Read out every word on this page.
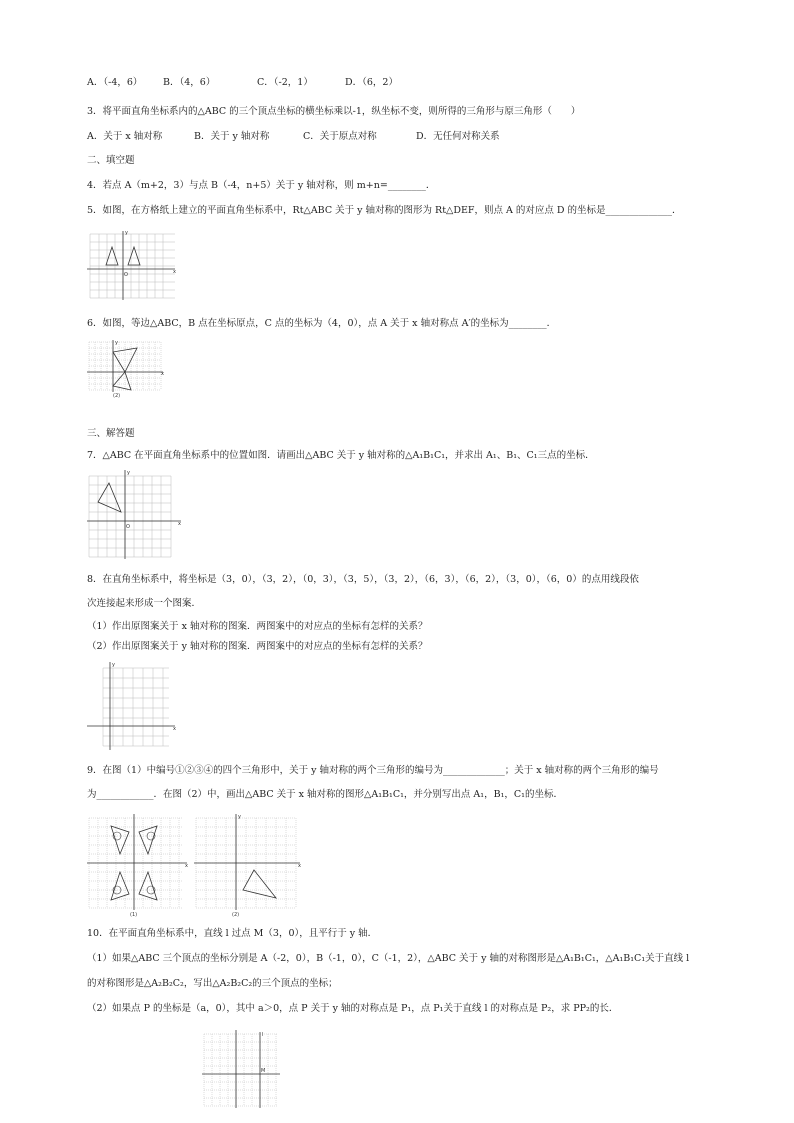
A．（-4，6） B．（4，6）	C．（-2，1）	D．（6，2）
3．将平面直角坐标系内的△ABC 的三个顶点坐标的横坐标乘以-1，纵坐标不变，则所得的三角形与原三角形（　　）
A．关于 x 轴对称	B．关于 y 轴对称	C．关于原点对称	D．无任何对称关系
二、填空题
4．若点 A（m+2，3）与点 B（-4，n+5）关于 y 轴对称，则 m+n=________．
5．如图，在方格纸上建立的平面直角坐标系中，Rt△ABC 关于 y 轴对称的图形为 Rt△DEF，则点 A 的对应点 D 的坐标是______________．
x
y
O
6．如图，等边△ABC，B 点在坐标原点，C 点的坐标为（4，0），点 A 关于 x 轴对称点 A′的坐标为________．
x
y
(2)
三、解答题
7．△ABC 在平面直角坐标系中的位置如图．请画出△ABC 关于 y 轴对称的△A₁B₁C₁，并求出 A₁、B₁、C₁三点的坐标．
x
y
O
8．在直角坐标系中，将坐标是（3，0），（3，2），（0，3），（3，5），（3，2），（6，3），（6，2），（3，0），（6，0）的点用线段依
次连接起来形成一个图案．
（1）作出原图案关于 x 轴对称的图案．两图案中的对应点的坐标有怎样的关系？
（2）作出原图案关于 y 轴对称的图案．两图案中的对应点的坐标有怎样的关系？
x
y
9．在图（1）中编号①②③④的四个三角形中，关于 y 轴对称的两个三角形的编号为_____________；关于 x 轴对称的两个三角形的编号
为____________．在图（2）中，画出△ABC 关于 x 轴对称的图形△A₁B₁C₁，并分别写出点 A₁，B₁，C₁的坐标．
(1)
x	x
y
(2)
10．在平面直角坐标系中，直线 l 过点 M（3，0），且平行于 y 轴．
（1）如果△ABC 三个顶点的坐标分别是 A（-2，0），B（-1，0），C（-1，2），△ABC 关于 y 轴的对称图形是△A₁B₁C₁，△A₁B₁C₁关于直线 l
的对称图形是△A₂B₂C₂，写出△A₂B₂C₂的三个顶点的坐标；
（2）如果点 P 的坐标是（a，0），其中 a＞0，点 P 关于 y 轴的对称点是 P₁，点 P₁关于直线 l 的对称点是 P₂，求 PP₂的长．
l
M
